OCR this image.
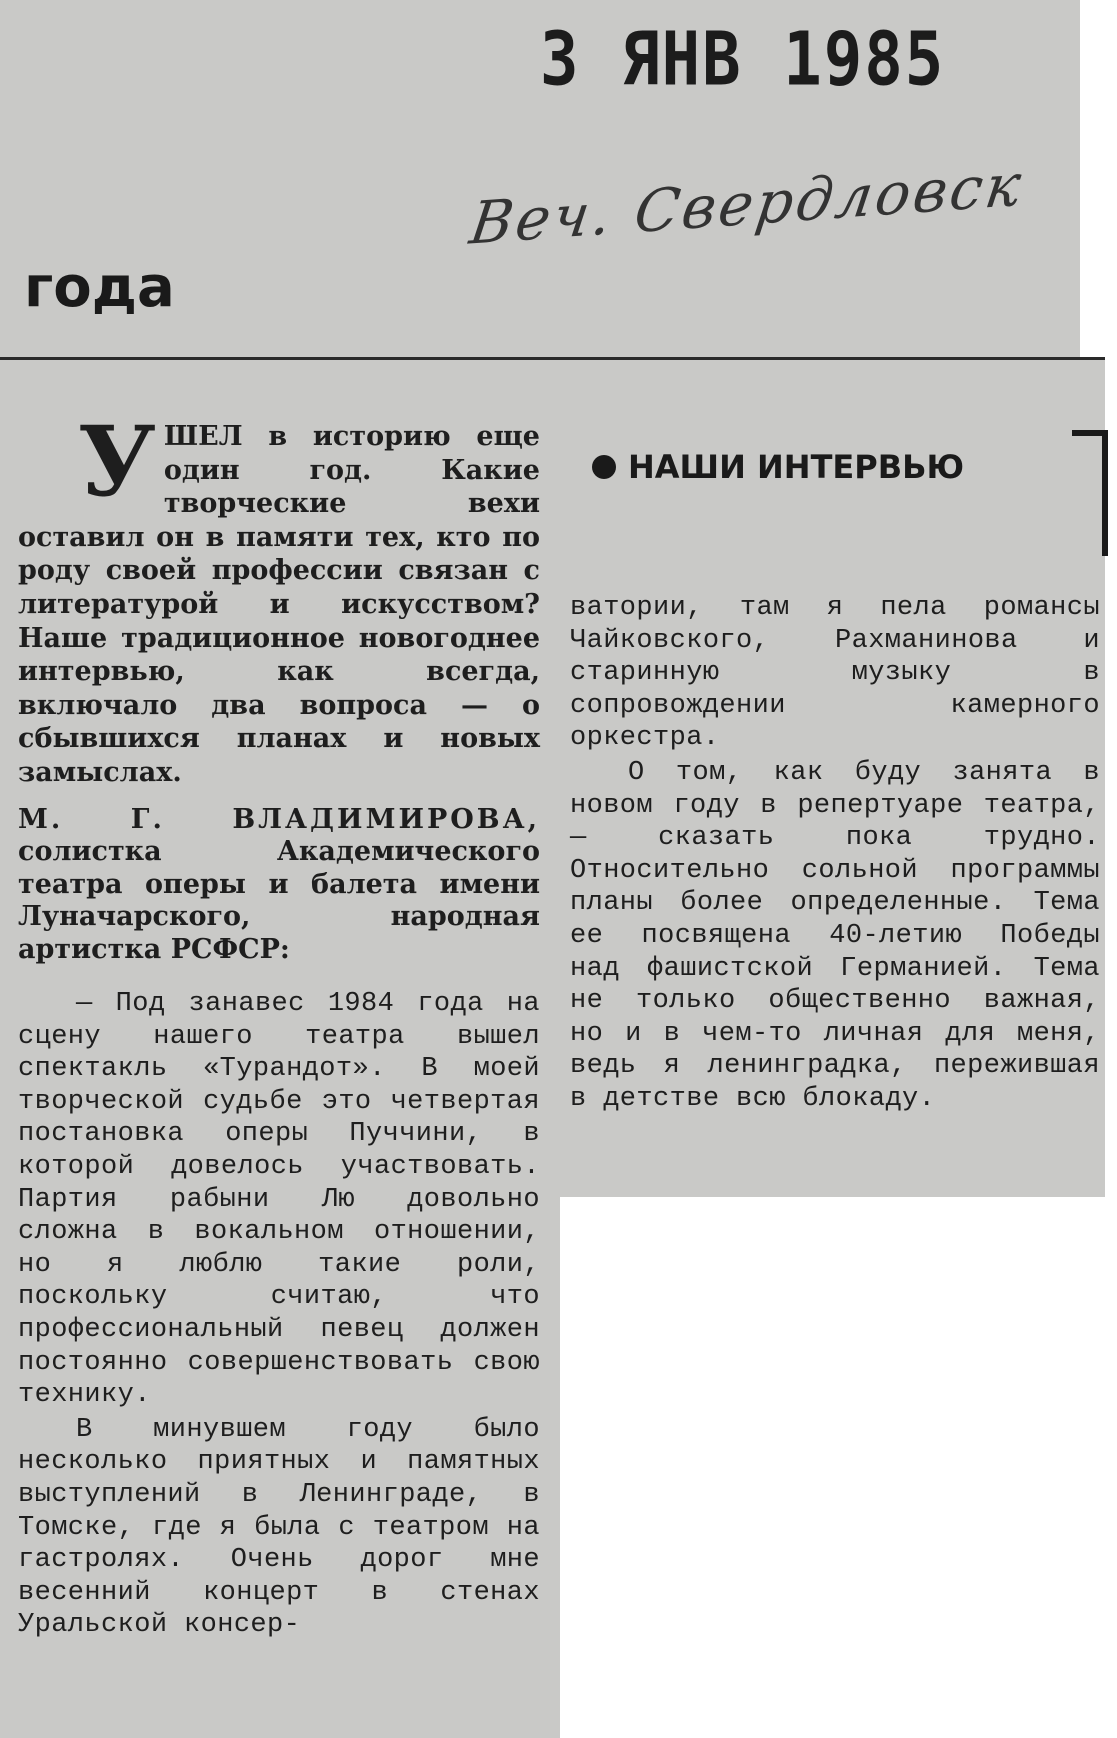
3 ЯНВ 1985
Веч. Свердловск
года
НАШИ ИНТЕРВЬЮ

УШЕЛ в историю еще один год. Какие творческие вехи оставил он в памяти тех, кто по роду своей профессии связан с литературой и искусством? Наше традиционное новогоднее интервью, как всегда, включало два вопроса — о сбывшихся планах и новых замыслах.

М. Г. ВЛАДИМИРОВА, солистка Академического театра оперы и балета имени Луначарского, народная артистка РСФСР:

— Под занавес 1984 года на сцену нашего театра вышел спектакль «Турандот». В моей творческой судьбе это четвертая постановка оперы Пуччини, в которой довелось участвовать. Партия рабыни Лю довольно сложна в вокальном отношении, но я люблю такие роли, поскольку считаю, что профессиональный певец должен постоянно совершенствовать свою технику.

В минувшем году было несколько приятных и памятных выступлений в Ленинграде, в Томске, где я была с театром на гастролях. Очень дорог мне весенний концерт в стенах Уральской консер-

ватории, там я пела романсы Чайковского, Рахманинова и старинную музыку в сопровождении камерного оркестра.

О том, как буду занята в новом году в репертуаре театра, — сказать пока трудно. Относительно сольной программы планы более определенные. Тема ее посвящена 40-летию Победы над фашистской Германией. Тема не только общественно важная, но и в чем-то личная для меня, ведь я ленинградка, пережившая в детстве всю блокаду.
